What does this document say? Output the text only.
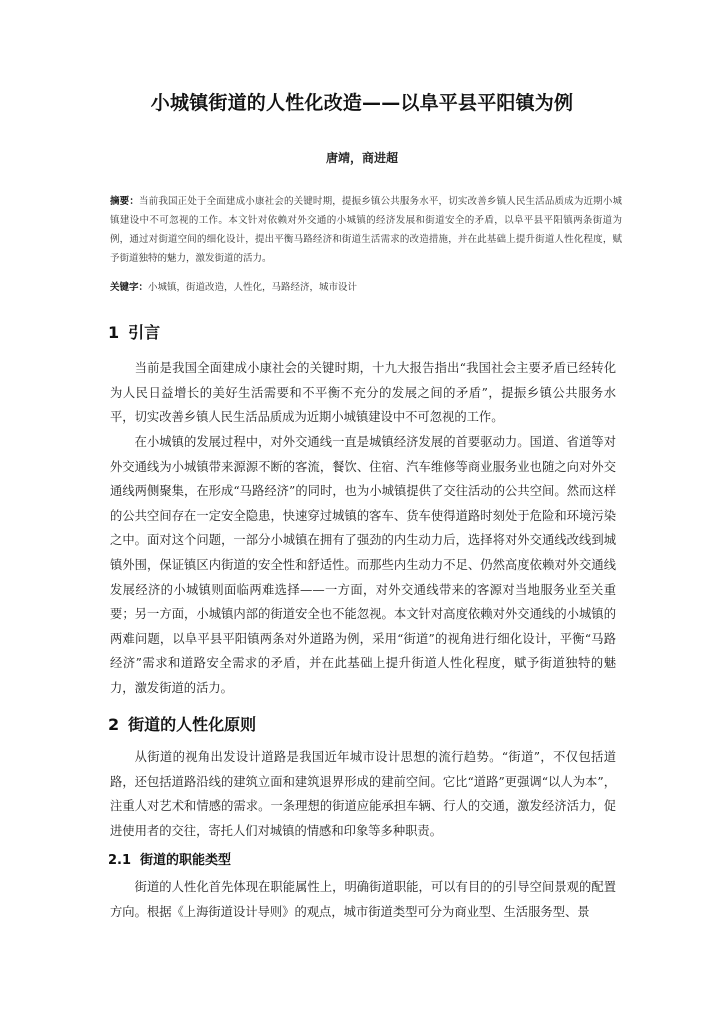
小城镇街道的人性化改造——以阜平县平阳镇为例
唐靖，商进超
摘要：当前我国正处于全面建成小康社会的关键时期，提振乡镇公共服务水平，切实改善乡镇人民生活品质成为近期小城镇建设中不可忽视的工作。本文针对依赖对外交通的小城镇的经济发展和街道安全的矛盾，以阜平县平阳镇两条街道为例，通过对街道空间的细化设计，提出平衡马路经济和街道生活需求的改造措施，并在此基础上提升街道人性化程度，赋予街道独特的魅力，激发街道的活力。
关键字：小城镇，街道改造，人性化，马路经济，城市设计
1 引言

当前是我国全面建成小康社会的关键时期，十九大报告指出“我国社会主要矛盾已经转化为人民日益增长的美好生活需要和不平衡不充分的发展之间的矛盾”，提振乡镇公共服务水平，切实改善乡镇人民生活品质成为近期小城镇建设中不可忽视的工作。

在小城镇的发展过程中，对外交通线一直是城镇经济发展的首要驱动力。国道、省道等对外交通线为小城镇带来源源不断的客流，餐饮、住宿、汽车维修等商业服务业也随之向对外交通线两侧聚集，在形成“马路经济”的同时，也为小城镇提供了交往活动的公共空间。然而这样的公共空间存在一定安全隐患，快速穿过城镇的客车、货车使得道路时刻处于危险和环境污染之中。面对这个问题，一部分小城镇在拥有了强劲的内生动力后，选择将对外交通线改线到城镇外围，保证镇区内街道的安全性和舒适性。而那些内生动力不足、仍然高度依赖对外交通线发展经济的小城镇则面临两难选择——一方面，对外交通线带来的客源对当地服务业至关重要；另一方面，小城镇内部的街道安全也不能忽视。本文针对高度依赖对外交通线的小城镇的两难问题，以阜平县平阳镇两条对外道路为例，采用“街道”的视角进行细化设计，平衡“马路经济”需求和道路安全需求的矛盾，并在此基础上提升街道人性化程度，赋予街道独特的魅力，激发街道的活力。

2 街道的人性化原则

从街道的视角出发设计道路是我国近年城市设计思想的流行趋势。“街道”，不仅包括道路，还包括道路沿线的建筑立面和建筑退界形成的建前空间。它比“道路”更强调“以人为本”，注重人对艺术和情感的需求。一条理想的街道应能承担车辆、行人的交通，激发经济活力，促进使用者的交往，寄托人们对城镇的情感和印象等多种职责。

2.1 街道的职能类型

街道的人性化首先体现在职能属性上，明确街道职能，可以有目的的引导空间景观的配置方向。根据《上海街道设计导则》的观点，城市街道类型可分为商业型、生活服务型、景
